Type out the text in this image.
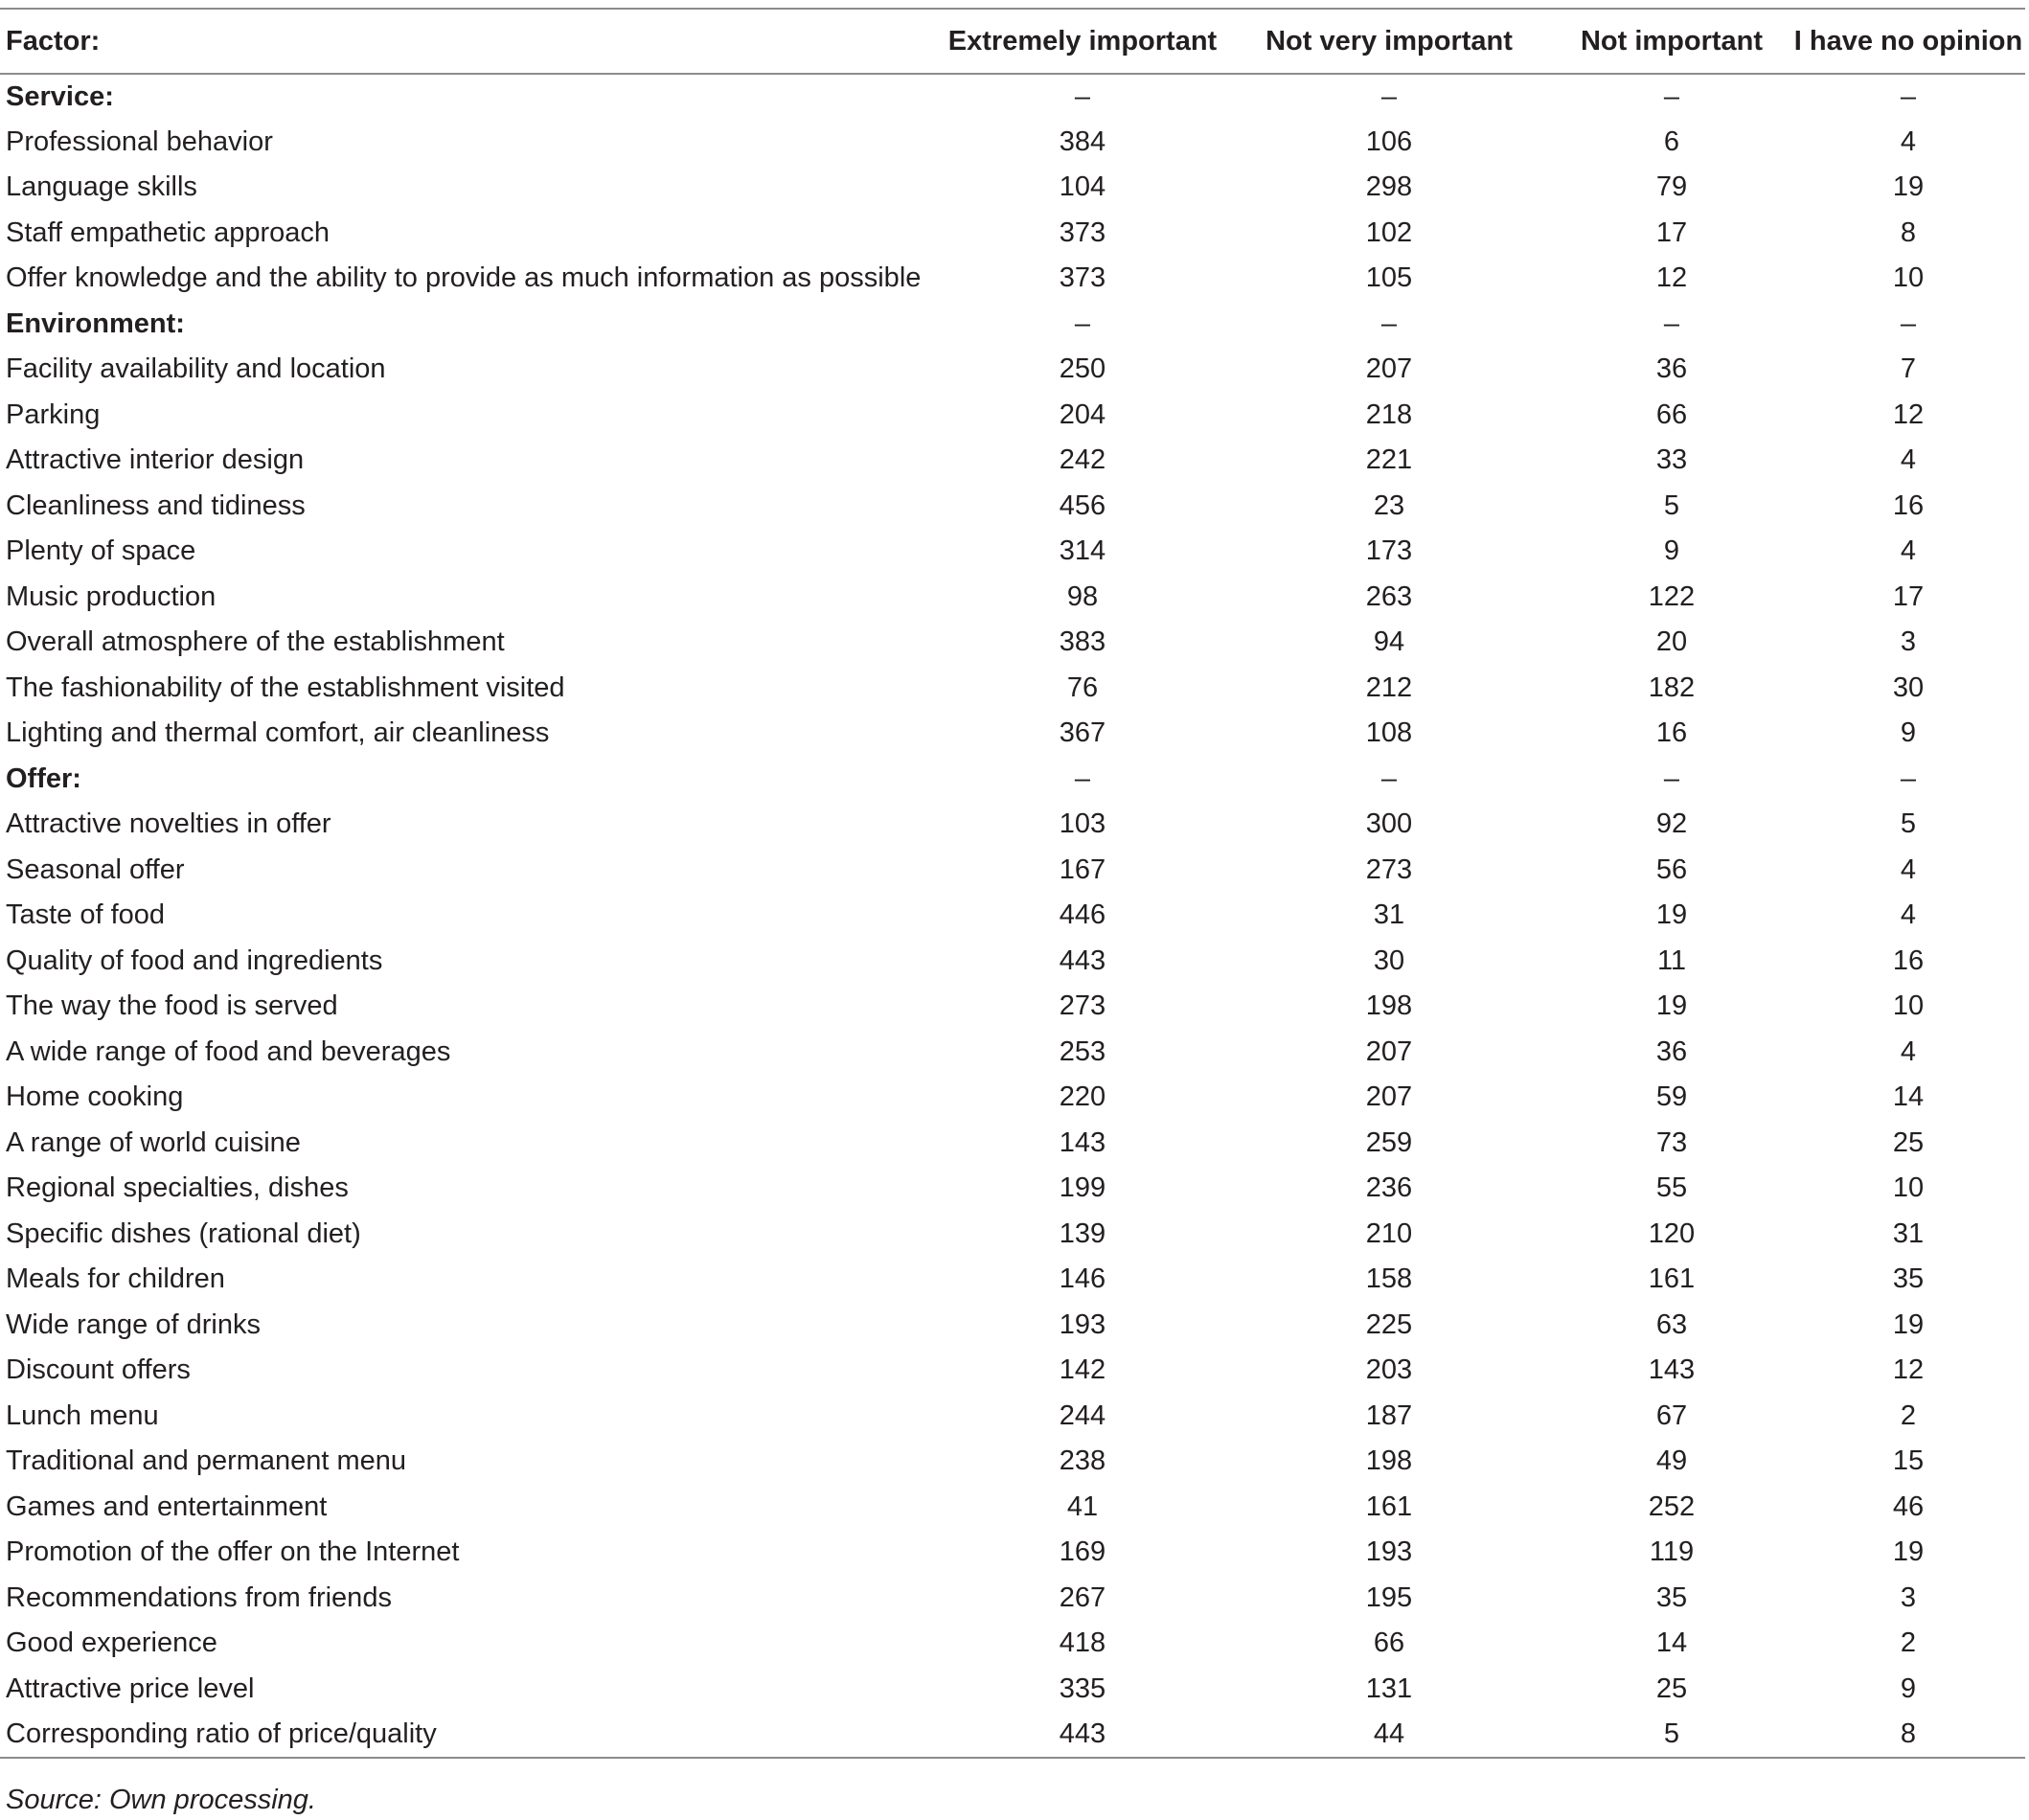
Factor:	Extremely important	Not very important	Not important	I have no opinion
Service:	–	–	–	–
Professional behavior	384	106	6	4
Language skills	104	298	79	19
Staff empathetic approach	373	102	17	8
Offer knowledge and the ability to provide as much information as possible	373	105	12	10
Environment:	–	–	–	–
Facility availability and location	250	207	36	7
Parking	204	218	66	12
Attractive interior design	242	221	33	4
Cleanliness and tidiness	456	23	5	16
Plenty of space	314	173	9	4
Music production	98	263	122	17
Overall atmosphere of the establishment	383	94	20	3
The fashionability of the establishment visited	76	212	182	30
Lighting and thermal comfort, air cleanliness	367	108	16	9
Offer:	–	–	–	–
Attractive novelties in offer	103	300	92	5
Seasonal offer	167	273	56	4
Taste of food	446	31	19	4
Quality of food and ingredients	443	30	11	16
The way the food is served	273	198	19	10
A wide range of food and beverages	253	207	36	4
Home cooking	220	207	59	14
A range of world cuisine	143	259	73	25
Regional specialties, dishes	199	236	55	10
Specific dishes (rational diet)	139	210	120	31
Meals for children	146	158	161	35
Wide range of drinks	193	225	63	19
Discount offers	142	203	143	12
Lunch menu	244	187	67	2
Traditional and permanent menu	238	198	49	15
Games and entertainment	41	161	252	46
Promotion of the offer on the Internet	169	193	119	19
Recommendations from friends	267	195	35	3
Good experience	418	66	14	2
Attractive price level	335	131	25	9
Corresponding ratio of price/quality	443	44	5	8
Source: Own processing.
